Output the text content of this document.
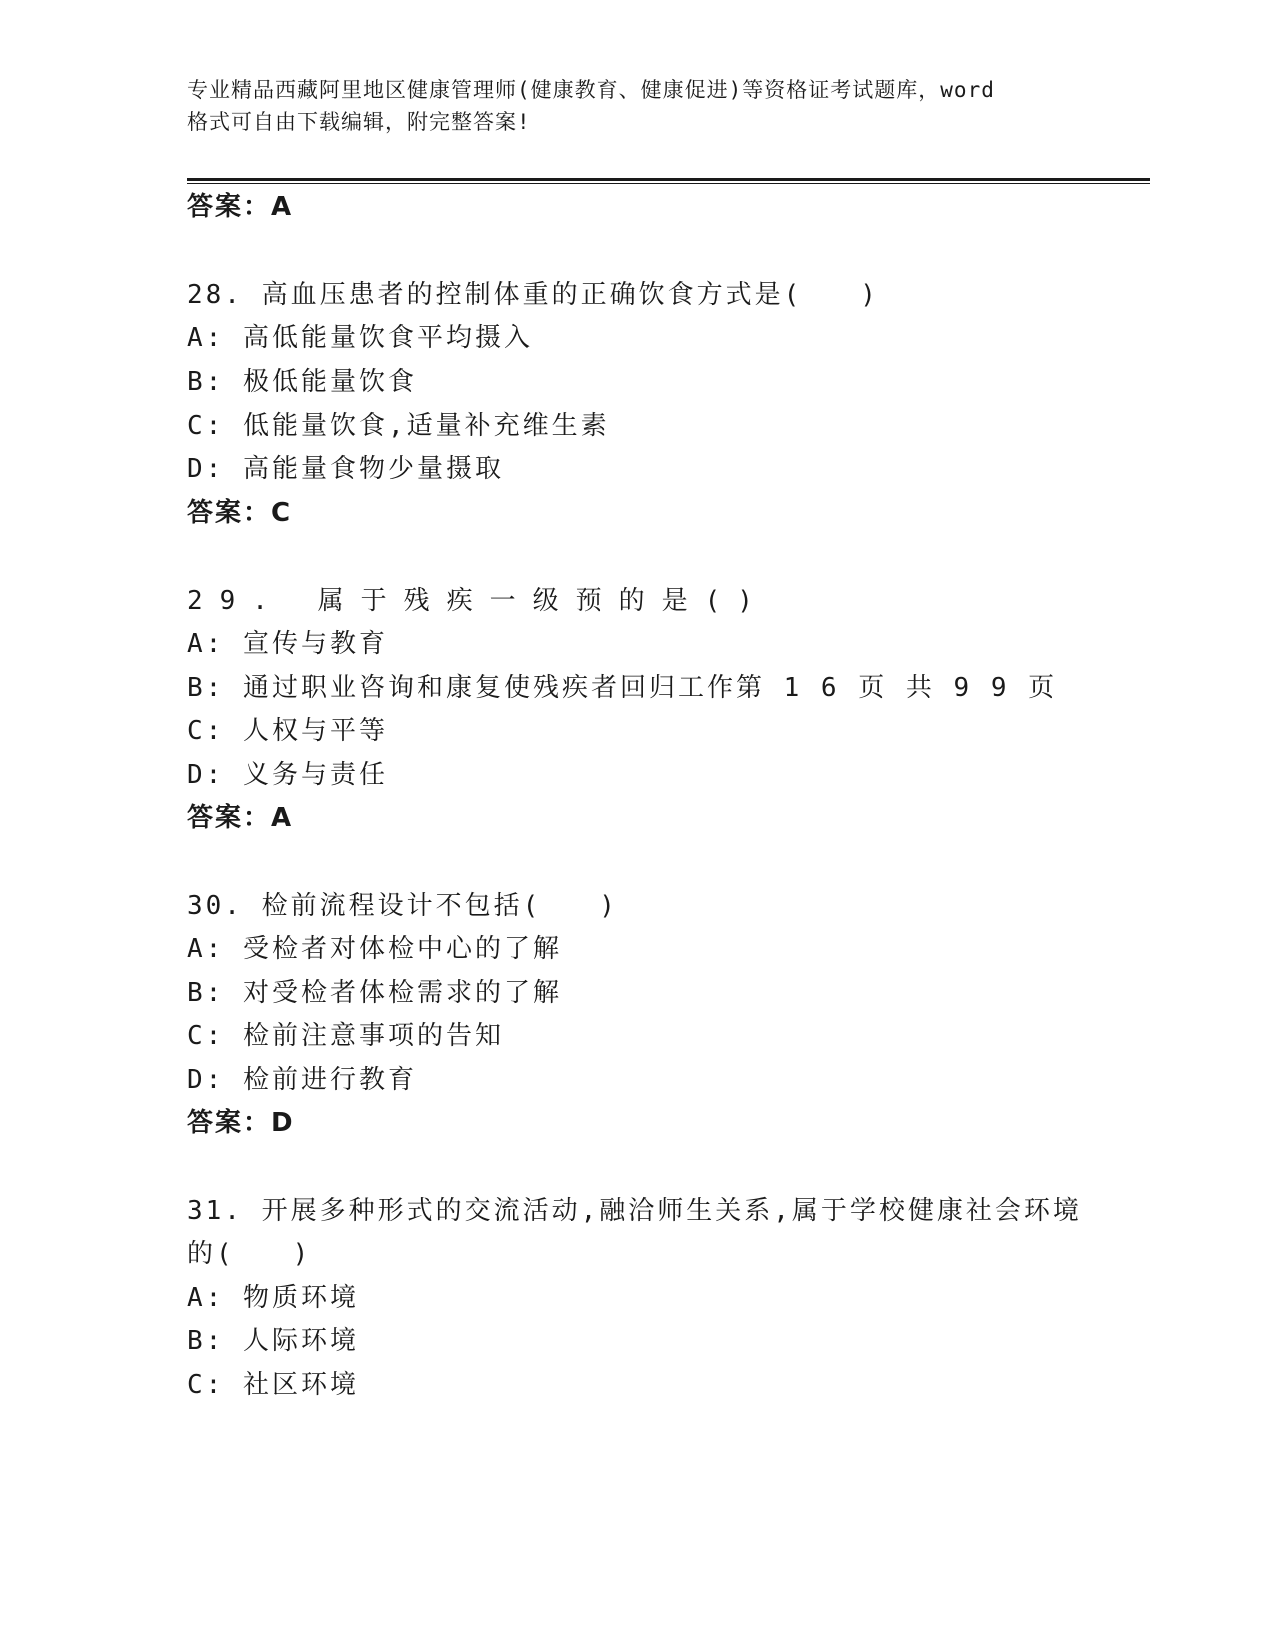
专业精品西藏阿里地区健康管理师(健康教育、健康促进)等资格证考试题库，word
格式可自由下载编辑，附完整答案!
答案：A
28. 高血压患者的控制体重的正确饮食方式是(　　)
A: 高低能量饮食平均摄入
B: 极低能量饮食
C: 低能量饮食,适量补充维生素
D: 高能量食物少量摄取
答案：C
29. 属于残疾一级预的是()
A: 宣传与教育
B: 通过职业咨询和康复使残疾者回归工作第 1 6 页 共 9 9 页
C: 人权与平等
D: 义务与责任
答案：A
30. 检前流程设计不包括(　　)
A: 受检者对体检中心的了解
B: 对受检者体检需求的了解
C: 检前注意事项的告知
D: 检前进行教育
答案：D
31. 开展多种形式的交流活动,融洽师生关系,属于学校健康社会环境
的(　　)
A: 物质环境
B: 人际环境
C: 社区环境
